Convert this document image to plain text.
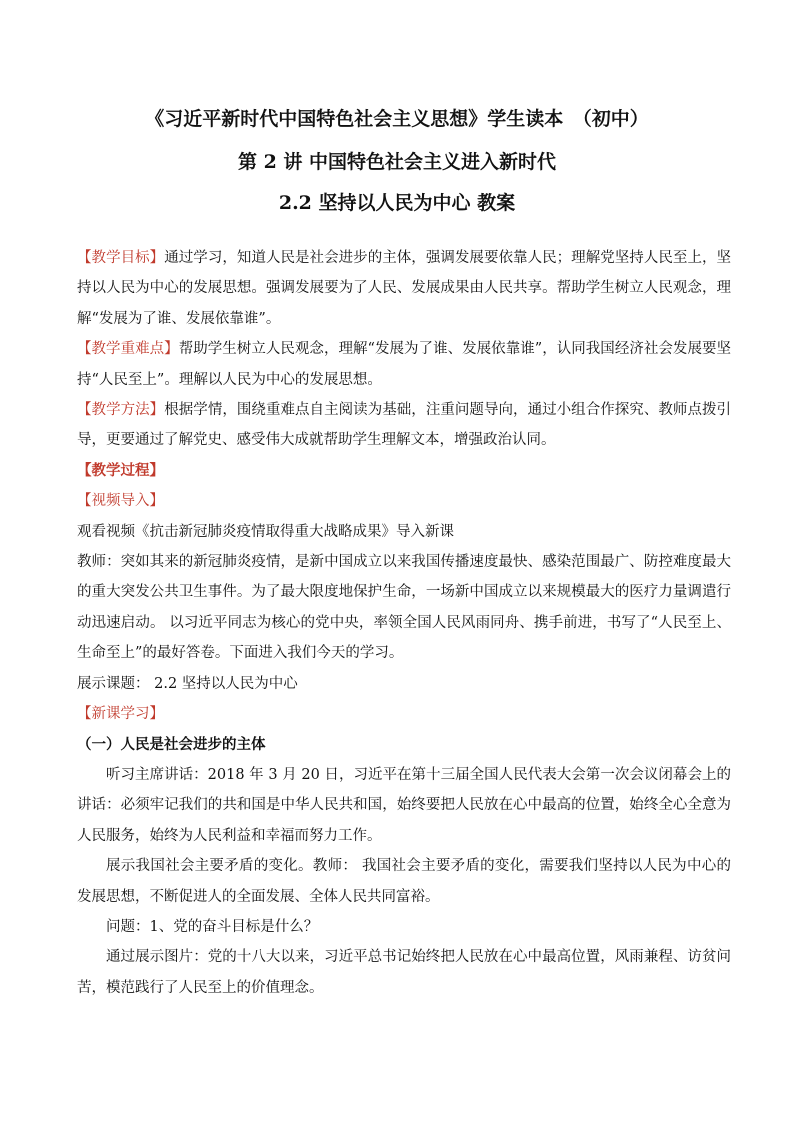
《习近平新时代中国特色社会主义思想》学生读本　（初中）
第 2 讲 中国特色社会主义进入新时代
2.2 坚持以人民为中心 教案

【教学目标】通过学习，知道人民是社会进步的主体，强调发展要依靠人民；理解党坚持人民至上，坚持以人民为中心的发展思想。强调发展要为了人民、发展成果由人民共享。帮助学生树立人民观念，理解“发展为了谁、发展依靠谁”。

【教学重难点】帮助学生树立人民观念，理解“发展为了谁、发展依靠谁”，认同我国经济社会发展要坚持“人民至上”。理解以人民为中心的发展思想。

【教学方法】根据学情，围绕重难点自主阅读为基础，注重问题导向，通过小组合作探究、教师点拨引导，更要通过了解党史、感受伟大成就帮助学生理解文本，增强政治认同。

【教学过程】

【视频导入】

观看视频《抗击新冠肺炎疫情取得重大战略成果》导入新课

教师：突如其来的新冠肺炎疫情，是新中国成立以来我国传播速度最快、感染范围最广、防控难度最大的重大突发公共卫生事件。为了最大限度地保护生命，一场新中国成立以来规模最大的医疗力量调遣行动迅速启动。 以习近平同志为核心的党中央，率领全国人民风雨同舟、携手前进，书写了“人民至上、生命至上”的最好答卷。下面进入我们今天的学习。

展示课题： 2.2 坚持以人民为中心

【新课学习】

（一）人民是社会进步的主体

听习主席讲话：2018 年 3 月 20 日，习近平在第十三届全国人民代表大会第一次会议闭幕会上的讲话：必须牢记我们的共和国是中华人民共和国，始终要把人民放在心中最高的位置，始终全心全意为人民服务，始终为人民利益和幸福而努力工作。

展示我国社会主要矛盾的变化。教师： 我国社会主要矛盾的变化，需要我们坚持以人民为中心的发展思想，不断促进人的全面发展、全体人民共同富裕。

问题：1、党的奋斗目标是什么？

通过展示图片：党的十八大以来，习近平总书记始终把人民放在心中最高位置，风雨兼程、访贫问苦，模范践行了人民至上的价值理念。
